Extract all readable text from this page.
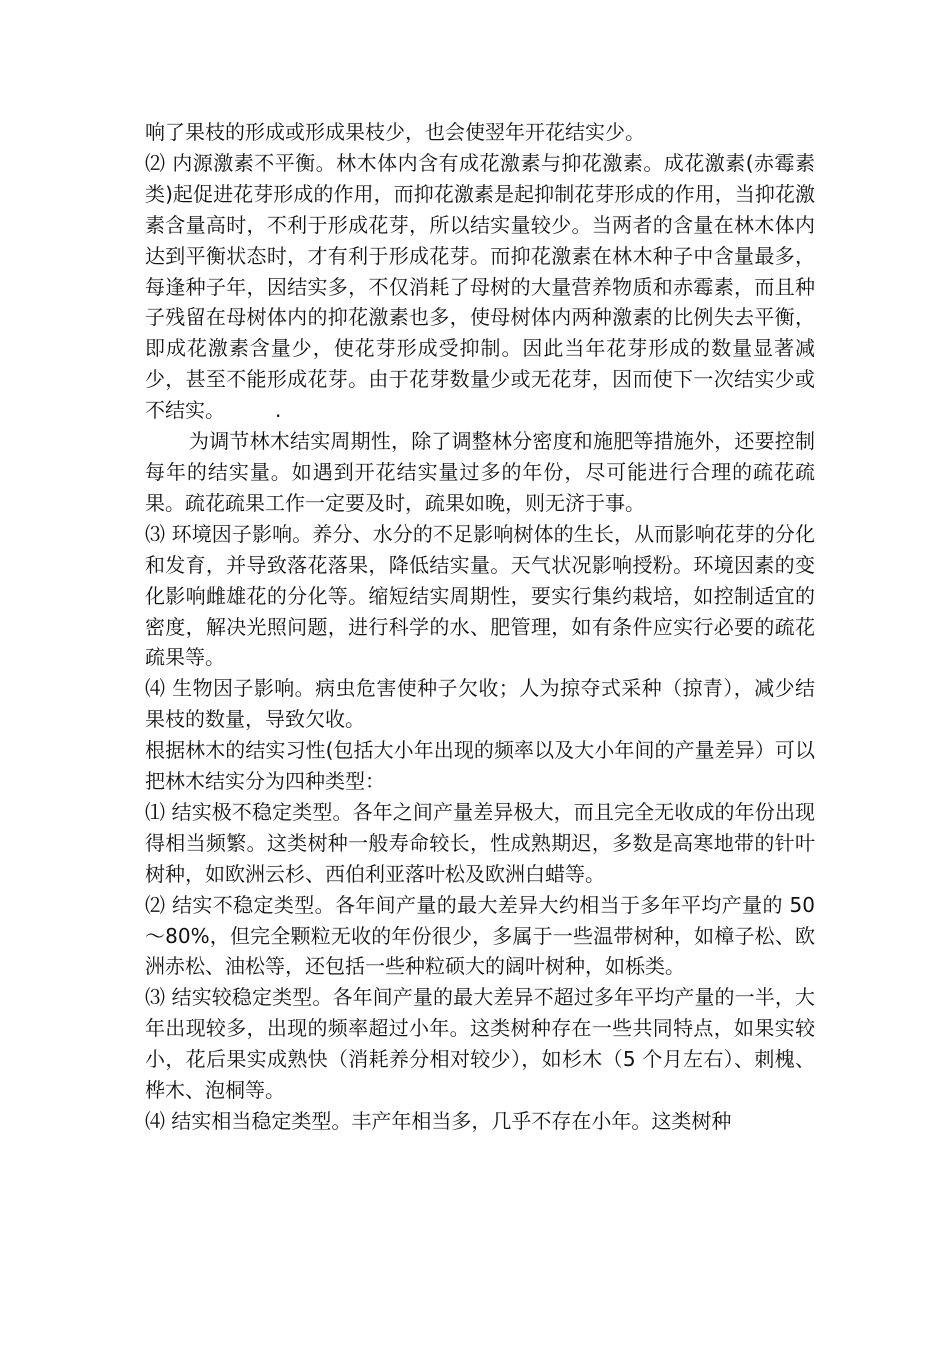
响了果枝的形成或形成果枝少，也会使翌年开花结实少。

⑵ 内源激素不平衡。林木体内含有成花激素与抑花激素。成花激素(赤霉素类)起促进花芽形成的作用，而抑花激素是起抑制花芽形成的作用，当抑花激素含量高时，不利于形成花芽，所以结实量较少。当两者的含量在林木体内达到平衡状态时，才有利于形成花芽。而抑花激素在林木种子中含量最多，每逢种子年，因结实多，不仅消耗了母树的大量营养物质和赤霉素，而且种子残留在母树体内的抑花激素也多，使母树体内两种激素的比例失去平衡，即成花激素含量少，使花芽形成受抑制。因此当年花芽形成的数量显著减少，甚至不能形成花芽。由于花芽数量少或无花芽，因而使下一次结实少或不结实。　　　.

为调节林木结实周期性，除了调整林分密度和施肥等措施外，还要控制每年的结实量。如遇到开花结实量过多的年份，尽可能进行合理的疏花疏果。疏花疏果工作一定要及时，疏果如晚，则无济于事。

⑶ 环境因子影响。养分、水分的不足影响树体的生长，从而影响花芽的分化和发育，并导致落花落果，降低结实量。天气状况影响授粉。环境因素的变化影响雌雄花的分化等。缩短结实周期性，要实行集约栽培，如控制适宜的密度，解决光照问题，进行科学的水、肥管理，如有条件应实行必要的疏花疏果等。

⑷ 生物因子影响。病虫危害使种子欠收；人为掠夺式采种（掠青），减少结果枝的数量，导致欠收。

根据林木的结实习性(包括大小年出现的频率以及大小年间的产量差异）可以把林木结实分为四种类型：

⑴ 结实极不稳定类型。各年之间产量差异极大，而且完全无收成的年份出现得相当频繁。这类树种一般寿命较长，性成熟期迟，多数是高寒地带的针叶树种，如欧洲云杉、西伯利亚落叶松及欧洲白蜡等。

⑵ 结实不稳定类型。各年间产量的最大差异大约相当于多年平均产量的 50～80%，但完全颗粒无收的年份很少，多属于一些温带树种，如樟子松、欧洲赤松、油松等，还包括一些种粒硕大的阔叶树种，如栎类。

⑶ 结实较稳定类型。各年间产量的最大差异不超过多年平均产量的一半，大年出现较多，出现的频率超过小年。这类树种存在一些共同特点，如果实较小，花后果实成熟快（消耗养分相对较少），如杉木（5 个月左右）、刺槐、桦木、泡桐等。

⑷ 结实相当稳定类型。丰产年相当多，几乎不存在小年。这类树种
